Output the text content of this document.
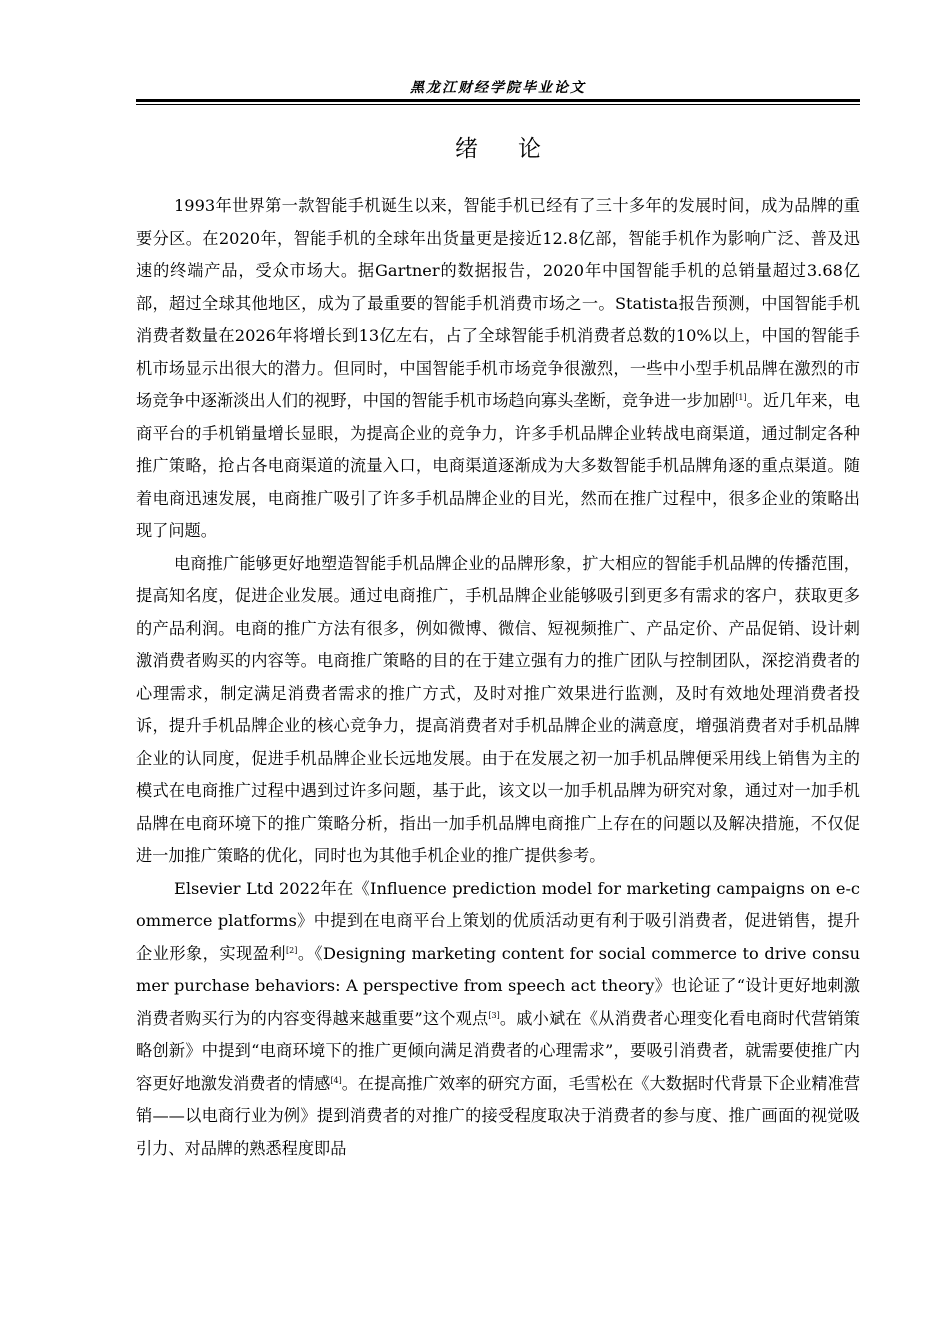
黑龙江财经学院毕业论文
绪论

1993年世界第一款智能手机诞生以来，智能手机已经有了三十多年的发展时间，成为品牌的重要分区。在2020年，智能手机的全球年出货量更是接近12.8亿部，智能手机作为影响广泛、普及迅速的终端产品，受众市场大。据Gartner的数据报告，2020年中国智能手机的总销量超过3.68亿部，超过全球其他地区，成为了最重要的智能手机消费市场之一。Statista报告预测，中国智能手机消费者数量在2026年将增长到13亿左右，占了全球智能手机消费者总数的10%以上，中国的智能手机市场显示出很大的潜力。但同时，中国智能手机市场竞争很激烈，一些中小型手机品牌在激烈的市场竞争中逐渐淡出人们的视野，中国的智能手机市场趋向寡头垄断，竞争进一步加剧[1]。近几年来，电商平台的手机销量增长显眼，为提高企业的竞争力，许多手机品牌企业转战电商渠道，通过制定各种推广策略，抢占各电商渠道的流量入口，电商渠道逐渐成为大多数智能手机品牌角逐的重点渠道。随着电商迅速发展，电商推广吸引了许多手机品牌企业的目光，然而在推广过程中，很多企业的策略出现了问题。

电商推广能够更好地塑造智能手机品牌企业的品牌形象，扩大相应的智能手机品牌的传播范围，提高知名度，促进企业发展。通过电商推广，手机品牌企业能够吸引到更多有需求的客户，获取更多的产品利润。电商的推广方法有很多，例如微博、微信、短视频推广、产品定价、产品促销、设计刺激消费者购买的内容等。电商推广策略的目的在于建立强有力的推广团队与控制团队，深挖消费者的心理需求，制定满足消费者需求的推广方式，及时对推广效果进行监测，及时有效地处理消费者投诉，提升手机品牌企业的核心竞争力，提高消费者对手机品牌企业的满意度，增强消费者对手机品牌企业的认同度，促进手机品牌企业长远地发展。由于在发展之初一加手机品牌便采用线上销售为主的模式在电商推广过程中遇到过许多问题，基于此，该文以一加手机品牌为研究对象，通过对一加手机品牌在电商环境下的推广策略分析，指出一加手机品牌电商推广上存在的问题以及解决措施，不仅促进一加推广策略的优化，同时也为其他手机企业的推广提供参考。

Elsevier Ltd 2022年在《Influence prediction model for marketing campaigns on e-commerce platforms》中提到在电商平台上策划的优质活动更有利于吸引消费者，促进销售，提升企业形象，实现盈利[2]。《Designing marketing content for social commerce to drive consumer purchase behaviors: A perspective from speech act theory》也论证了“设计更好地刺激消费者购买行为的内容变得越来越重要”这个观点[3]。戚小斌在《从消费者心理变化看电商时代营销策略创新》中提到“电商环境下的推广更倾向满足消费者的心理需求”，要吸引消费者，就需要使推广内容更好地激发消费者的情感[4]。在提高推广效率的研究方面，毛雪松在《大数据时代背景下企业精准营销——以电商行业为例》提到消费者的对推广的接受程度取决于消费者的参与度、推广画面的视觉吸引力、对品牌的熟悉程度即品
